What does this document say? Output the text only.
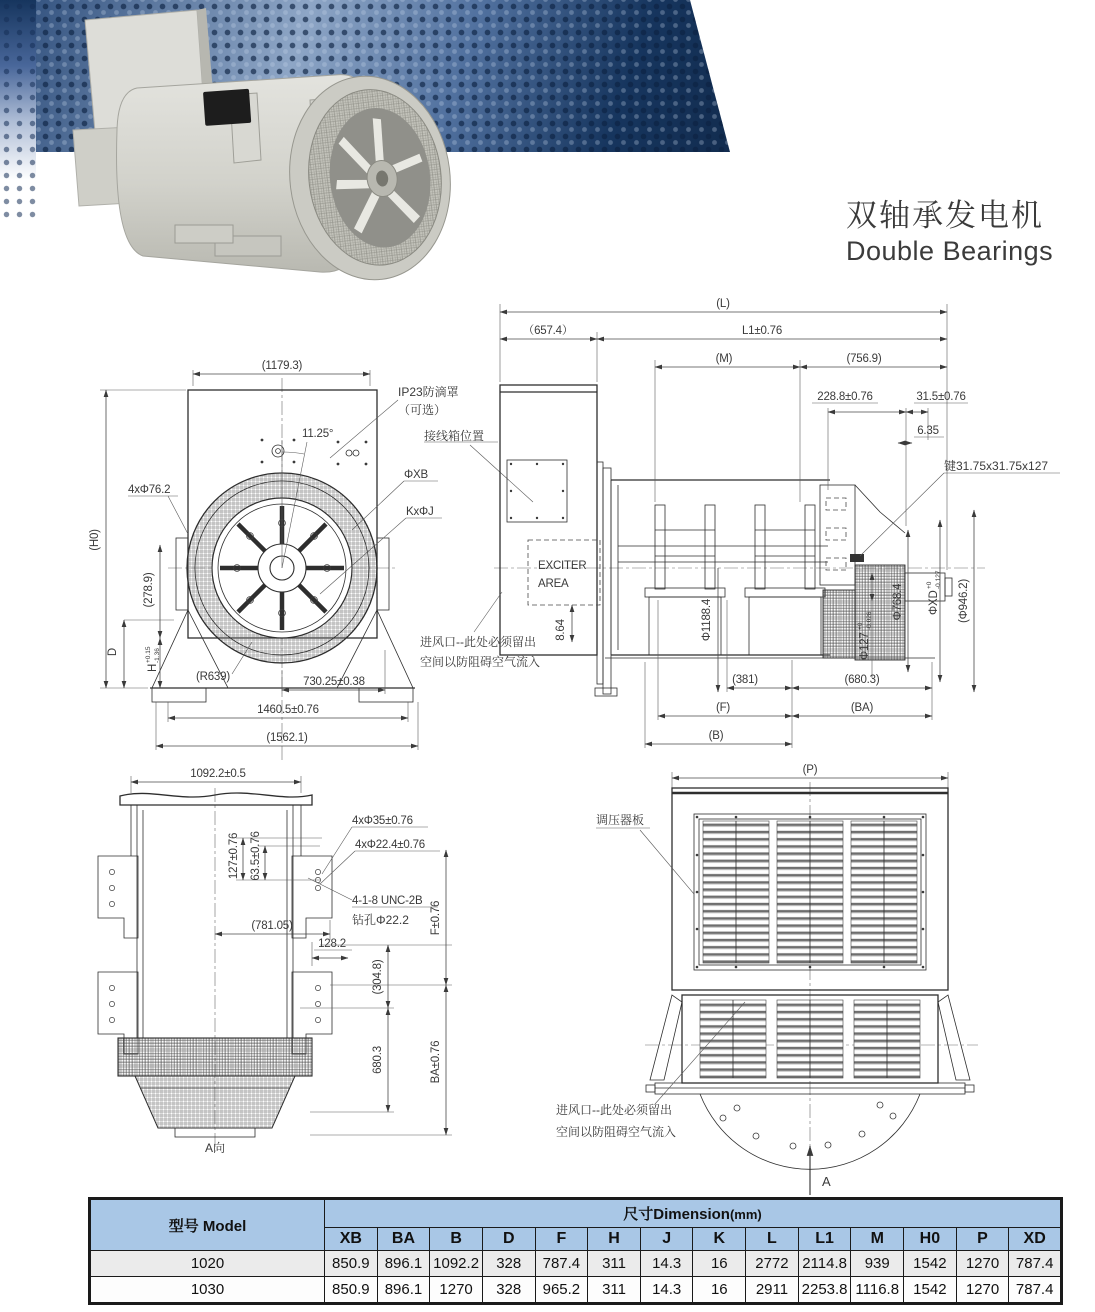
双轴承发电机
Double Bearings
11.25°
(1179.3)
(H0)
D
(278.9)
H
+0.15 -1.36
4xΦ76.2
IP23防滴罩
（可选）
接线箱位置
ΦXB
KxΦJ
(R639)	730.25±0.38
1460.5±0.76
(1562.1)
(L)
（657.4）	L1±0.76
(M)	(756.9)
228.8±0.76	31.5±0.76
6.35
键31.75x31.75x127
Φ768.4 ΦXD
+0 -0.127 (Φ946.2)
Φ127
+0 -0.026
EXCITER
AREA
8.64	Φ1188.4
进风口--此处必须留出
空间以防阻碍空气流入
(381)	(680.3)
(F)	(BA)
(B)
1092.2±0.5
127±0.76 63.5±0.76
4xΦ35±0.76
4xΦ22.4±0.76
4-1-8 UNC-2B
钻孔Φ22.2
(781.05)
128.2
(304.8)
F±0.76
680.3	BA±0.76
A向
(P)
调压器板
进风口--此处必须留出
空间以防阻碍空气流入
A
型号 Model	尺寸Dimension(mm)													
	XB	BA	B	D	F	H	J	K	L	L1	M	H0	P	XD
1020	850.9	896.1	1092.2	328	787.4	311	14.3	16	2772	2114.8	939	1542	1270	787.4
1030	850.9	896.1	1270	328	965.2	311	14.3	16	2911	2253.8	1116.8	1542	1270	787.4
